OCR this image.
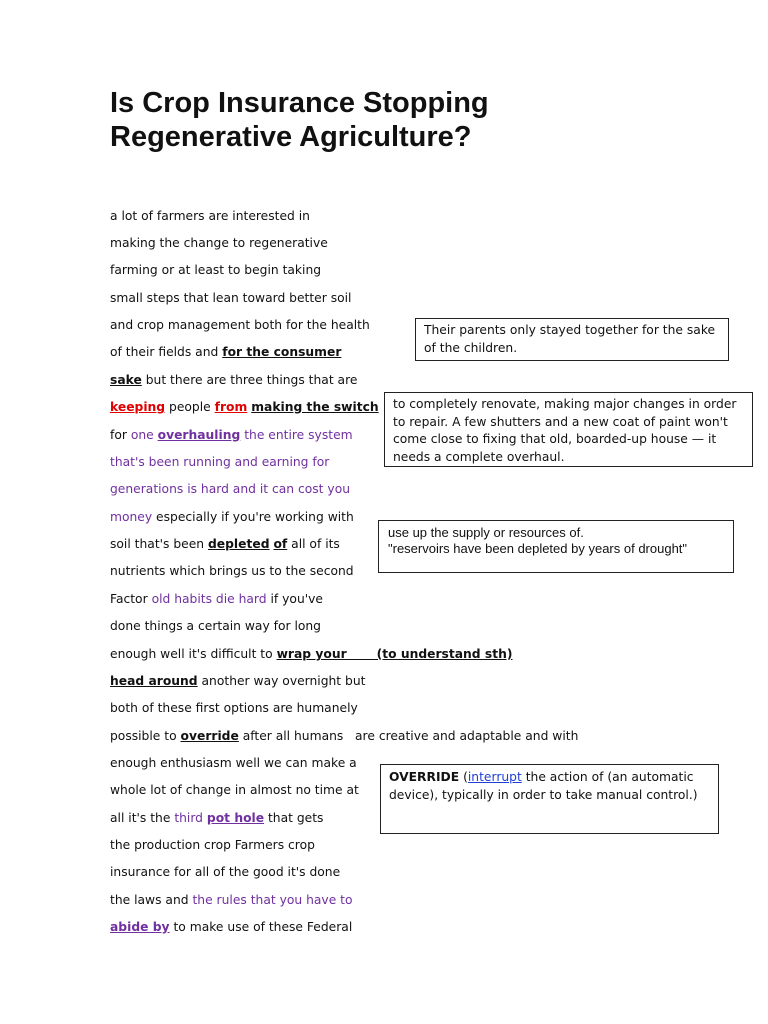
Is Crop Insurance Stopping Regenerative Agriculture?
a lot of farmers are interested in
making the change to regenerative
farming or at least to begin taking
small steps that lean toward better soil
and crop management both for the health
of their fields and for the consumer
sake but there are three things that are
keeping people from making the switch
for one overhauling the entire system
that's been running and earning for
generations is hard and it can cost you
money especially if you're working with
soil that's been depleted of all of its
nutrients which brings us to the second
Factor old habits die hard if you've
done things a certain way for long
enough well it's difficult to wrap your       (to understand sth)
head around another way overnight but
both of these first options are humanely
possible to override after all humans   are creative and adaptable and with
enough enthusiasm well we can make a
whole lot of change in almost no time at
all it's the third pot hole that gets
the production crop Farmers crop
insurance for all of the good it's done
the laws and the rules that you have to
abide by to make use of these Federal
Their parents only stayed together for the sake of the children.
to completely renovate, making major changes in order to repair. A few shutters and a new coat of paint won't come close to fixing that old, boarded-up house — it needs a complete overhaul.
use up the supply or resources of.
"reservoirs have been depleted by years of drought"
OVERRIDE (interrupt the action of (an automatic device), typically in order to take manual control.)
